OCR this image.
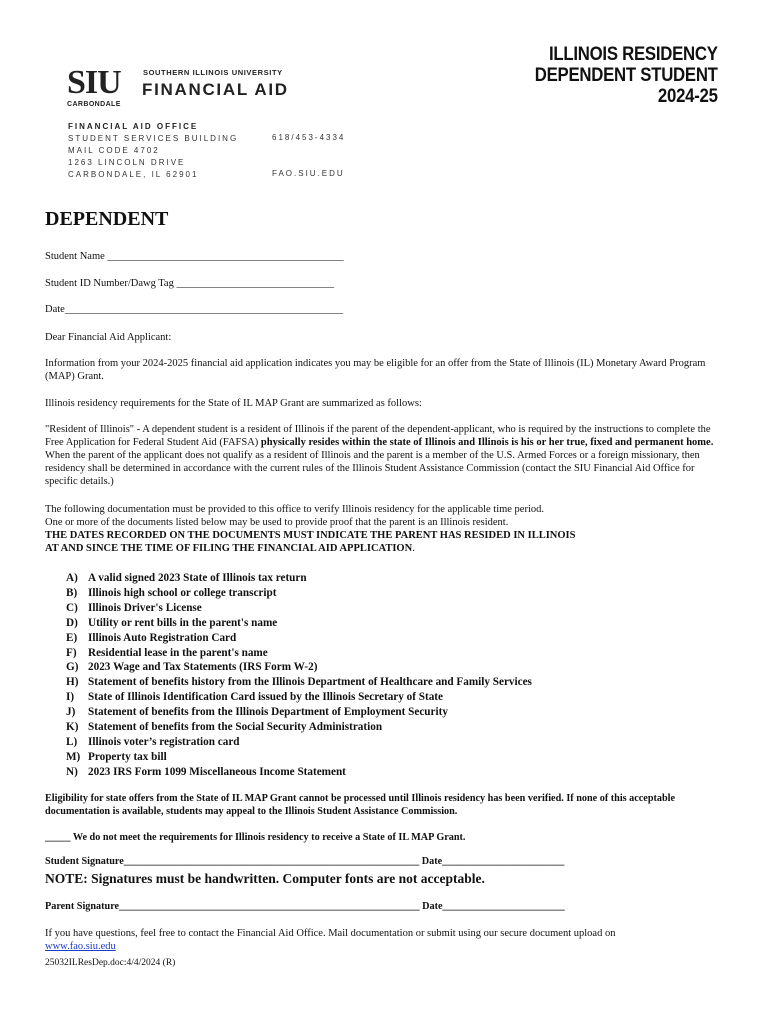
ILLINOIS RESIDENCY
DEPENDENT STUDENT
2024-25
SIU
CARBONDALE
SOUTHERN ILLINOIS UNIVERSITY
FINANCIAL AID
FINANCIAL AID OFFICE
STUDENT SERVICES BUILDING
MAIL CODE 4702
1263 LINCOLN DRIVE
CARBONDALE, IL 62901
618/453-4334
FAO.SIU.EDU
DEPENDENT
Student Name _____________________________________________
Student ID Number/Dawg Tag ______________________________
Date_____________________________________________________
Dear Financial Aid Applicant:
Information from your 2024-2025 financial aid application indicates you may be eligible for an offer from the State of Illinois (IL) Monetary Award Program (MAP) Grant.
Illinois residency requirements for the State of IL MAP Grant are summarized as follows:
"Resident of Illinois" - A dependent student is a resident of Illinois if the parent of the dependent-applicant, who is required by the instructions to complete the Free Application for Federal Student Aid (FAFSA) physically resides within the state of Illinois and Illinois is his or her true, fixed and permanent home. When the parent of the applicant does not qualify as a resident of Illinois and the parent is a member of the U.S. Armed Forces or a foreign missionary, then residency shall be determined in accordance with the current rules of the Illinois Student Assistance Commission (contact the SIU Financial Aid Office for specific details.)
The following documentation must be provided to this office to verify Illinois residency for the applicable time period.
One or more of the documents listed below may be used to provide proof that the parent is an Illinois resident.
THE DATES RECORDED ON THE DOCUMENTS MUST INDICATE THE PARENT HAS RESIDED IN ILLINOIS
AT AND SINCE THE TIME OF FILING THE FINANCIAL AID APPLICATION.
A) A valid signed 2023 State of Illinois tax return
B) Illinois high school or college transcript
C) Illinois Driver's License
D) Utility or rent bills in the parent's name
E) Illinois Auto Registration Card
F) Residential lease in the parent's name
G) 2023 Wage and Tax Statements (IRS Form W-2)
H) Statement of benefits history from the Illinois Department of Healthcare and Family Services
I) State of Illinois Identification Card issued by the Illinois Secretary of State
J) Statement of benefits from the Illinois Department of Employment Security
K) Statement of benefits from the Social Security Administration
L) Illinois voter’s registration card
M) Property tax bill
N) 2023 IRS Form 1099 Miscellaneous Income Statement
Eligibility for state offers from the State of IL MAP Grant cannot be processed until Illinois residency has been verified. If none of this acceptable documentation is available, students may appeal to the Illinois Student Assistance Commission.
_____ We do not meet the requirements for Illinois residency to receive a State of IL MAP Grant.
Student Signature__________________________________________________________ Date________________________
NOTE: Signatures must be handwritten. Computer fonts are not acceptable.
Parent Signature___________________________________________________________ Date________________________
If you have questions, feel free to contact the Financial Aid Office. Mail documentation or submit using our secure document upload on
www.fao.siu.edu
25032ILResDep.doc:4/4/2024 (R)
